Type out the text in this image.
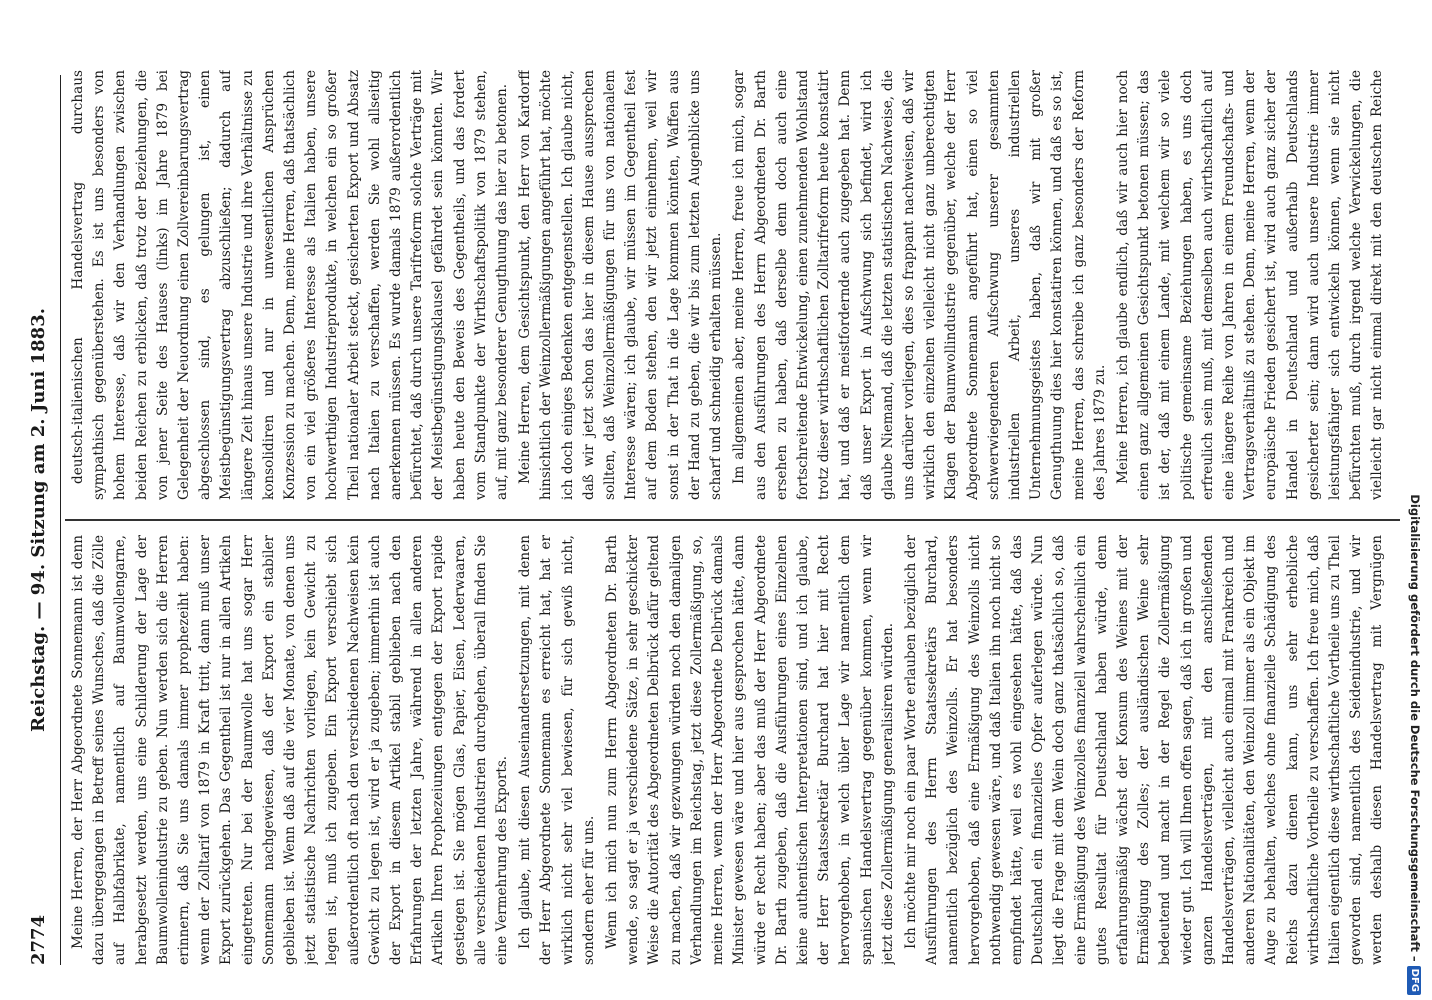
2774
Reichstag. — 94. Sitzung am 2. Juni 1883.

Meine Herren, der Herr Abgeordnete Sonnemann ist denn dazu übergegangen in Betreff seines Wunsches, daß die Zölle auf Halbfabrikate, namentlich auf Baumwollengarne, herabgesetzt werden, uns eine Schilderung der Lage der Baumwollenindustrie zu geben. Nun werden sich die Herren erinnern, daß Sie uns damals immer prophezeiht haben: wenn der Zolltarif von 1879 in Kraft tritt, dann muß unser Export zurückgehen. Das Gegentheil ist nur in allen Artikeln eingetreten. Nur bei der Baumwolle hat uns sogar Herr Sonnemann nachgewiesen, daß der Export ein stabiler geblieben ist. Wenn daß auf die vier Monate, von denen uns jetzt statistische Nachrichten vorliegen, kein Gewicht zu legen ist, muß ich zugeben. Ein Export verschiebt sich außerordentlich oft nach den verschiedenen Nachweisen kein Gewicht zu legen ist, wird er ja zugeben; immerhin ist auch der Export in diesem Artikel stabil geblieben nach den Erfahrungen der letzten Jahre, während in allen anderen Artikeln Ihren Prophezeiungen entgegen der Export rapide gestiegen ist. Sie mögen Glas, Papier, Eisen, Lederwaaren, alle verschiedenen Industrien durchgehen, überall finden Sie eine Vermehrung des Exports. Ich glaube, mit diesen Auseinandersetzungen, mit denen der Herr Abgeordnete Sonnemann es erreicht hat, hat er wirklich nicht sehr viel bewiesen, für sich gewiß nicht, sondern eher für uns. Wenn ich mich nun zum Herrn Abgeordneten Dr. Barth wende, so sagt er ja verschiedene Sätze, in sehr geschickter Weise die Autorität des Abgeordneten Delbrück dafür geltend zu machen, daß wir gezwungen würden noch den damaligen Verhandlungen im Reichstag, jetzt diese Zollermäßigung, so, meine Herren, wenn der Herr Abgeordnete Delbrück damals Minister gewesen wäre und hier aus gesprochen hätte, dann würde er Recht haben; aber das muß der Herr Abgeordnete Dr. Barth zugeben, daß die Ausführungen eines Einzelnen keine authentischen Interpretationen sind, und ich glaube, der Herr Staatssekretär Burchard hat hier mit Recht hervorgehoben, in welch übler Lage wir namentlich dem spanischen Handelsvertrag gegenüber kommen, wenn wir jetzt diese Zollermäßigung generalisiren würden. Ich möchte mir noch ein paar Worte erlauben bezüglich der Ausführungen des Herrn Staatssekretärs Burchard, namentlich bezüglich des Weinzolls. Er hat besonders hervorgehoben, daß eine Ermäßigung des Weinzolls nicht nothwendig gewesen wäre, und daß Italien ihn noch nicht so empfindet hätte, weil es wohl eingesehen hätte, daß das Deutschland ein finanzielles Opfer auferlegen würde. Nun liegt die Frage mit dem Wein doch ganz thatsächlich so, daß eine Ermäßigung des Weinzolles finanziell wahrscheinlich ein gutes Resultat für Deutschland haben würde, denn erfahrungsmäßig wächst der Konsum des Weines mit der Ermäßigung des Zolles; der ausländischen Weine sehr bedeutend und macht in der Regel die Zollermäßigung wieder gut. Ich will Ihnen offen sagen, daß ich in großen und ganzen Handelsverträgen, mit den anschließenden Handelsverträgen, vielleicht auch einmal mit Frankreich und anderen Nationalitäten, den Weinzoll immer als ein Objekt im Auge zu behalten, welches ohne finanzielle Schädigung des Reichs dazu dienen kann, uns sehr erhebliche wirthschaftliche Vortheile zu verschaffen. Ich freue mich, daß Italien eigentlich diese wirthschaftliche Vortheile uns zu Theil geworden sind, namentlich des Seidenindustrie, und wir werden deshalb diesen Handelsvertrag mit Vergnügen

deutsch-italienischen Handelsvertrag durchaus sympathisch gegenüberstehen. Es ist uns besonders von hohem Interesse, daß wir den Verhandlungen zwischen beiden Reichen zu erblicken, daß trotz der Beziehungen, die von jener Seite des Hauses (links) im Jahre 1879 bei Gelegenheit der Neuordnung einen Zollvereinbarungsvertrag abgeschlossen sind, es gelungen ist, einen Meistbegünstigungsvertrag abzuschließen; dadurch auf längere Zeit hinaus unsere Industrie und ihre Verhältnisse zu konsolidiren und nur in unwesentlichen Ansprüchen Konzession zu machen. Denn, meine Herren, daß thatsächlich von ein viel größeres Interesse als Italien haben, unsere hochwerthigen Industrieprodukte, in welchen ein so großer Theil nationaler Arbeit steckt, gesicherten Export und Absatz nach Italien zu verschaffen, werden Sie wohl allseitig anerkennen müssen. Es wurde damals 1879 außerordentlich befürchtet, daß durch unsere Tarifreform solche Verträge mit der Meistbegünstigungsklausel gefährdet sein könnten. Wir haben heute den Beweis des Gegentheils, und das fordert vom Standpunkte der Wirthschaftspolitik von 1879 stehen, auf, mit ganz besonderer Genugthuung das hier zu betonen. Meine Herren, dem Gesichtspunkt, den Herr von Kardorff hinsichtlich der Weinzollermäßigungen angeführt hat, möchte ich doch einiges Bedenken entgegenstellen. Ich glaube nicht, daß wir jetzt schon das hier in diesem Hause aussprechen sollten, daß Weinzollermäßigungen für uns von nationalem Interesse wären; ich glaube, wir müssen im Gegentheil fest auf dem Boden stehen, den wir jetzt einnehmen, weil wir sonst in der That in die Lage kommen könnten, Waffen aus der Hand zu geben, die wir bis zum letzten Augenblicke uns scharf und schneidig erhalten müssen. Im allgemeinen aber, meine Herren, freue ich mich, sogar aus den Ausführungen des Herrn Abgeordneten Dr. Barth ersehen zu haben, daß derselbe denn doch auch eine fortschreitende Entwickelung, einen zunehmenden Wohlstand trotz dieser wirthschaftlichen Zolltarifreform heute konstatirt hat, und daß er meistfordernde auch zugegeben hat. Denn daß unser Export in Aufschwung sich befindet, wird ich glaube Niemand, daß die letzten statistischen Nachweise, die uns darüber vorliegen, dies so frappant nachweisen, daß wir wirklich den einzelnen vielleicht nicht ganz unberechtigten Klagen der Baumwollindustrie gegenüber, welche der Herr Abgeordnete Sonnemann angeführt hat, einen so viel schwerwiegenderen Aufschwung unserer gesammten industriellen Arbeit, unseres industriellen Unternehmungsgeistes haben, daß wir mit großer Genugthuung dies hier konstatiren können, und daß es so ist, meine Herren, das schreibe ich ganz besonders der Reform des Jahres 1879 zu. Meine Herren, ich glaube endlich, daß wir auch hier noch einen ganz allgemeinen Gesichtspunkt betonen müssen; das ist der, daß mit einem Lande, mit welchem wir so viele politische gemeinsame Beziehungen haben, es uns doch erfreulich sein muß, mit demselben auch wirthschaftlich auf eine längere Reihe von Jahren in einem Freundschafts- und Vertragsverhältniß zu stehen. Denn, meine Herren, wenn der europäische Frieden gesichert ist, wird auch ganz sicher der Handel in Deutschland und außerhalb Deutschlands gesicherter sein; dann wird auch unsere Industrie immer leistungsfähiger sich entwickeln können, wenn sie nicht befürchten muß, durch irgend welche Verwickelungen, die vielleicht gar nicht einmal direkt mit den deutschen Reiche

Digitalisierung gefördert durch die Deutsche Forschungsgemeinschaft –DFG
